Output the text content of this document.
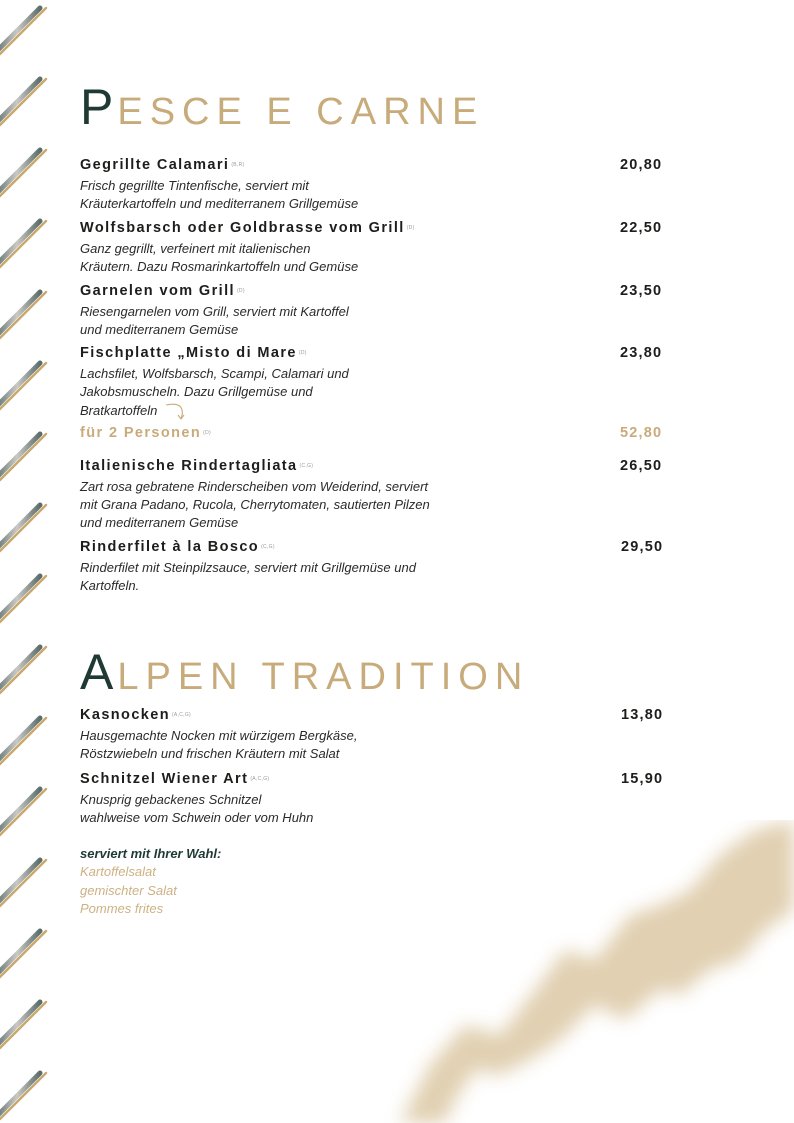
PESCE E CARNE
Gegrillte Calamari $^{(B,R)}$	20,80
Frisch gegrillte Tintenfische, serviert mit
Kräuterkartoffeln und mediterranem Grillgemüse
Wolfsbarsch oder Goldbrasse vom Grill $^{(D)}$	22,50
Ganz gegrillt, verfeinert mit italienischen
Kräutern. Dazu Rosmarinkartoffeln und Gemüse
Garnelen vom Grill $^{(D)}$	23,50
Riesengarnelen vom Grill, serviert mit Kartoffel
und mediterranem Gemüse
Fischplatte „Misto di Mare $^{(D)}$	23,80
Lachsfilet, Wolfsbarsch, Scampi, Calamari und
Jakobsmuscheln. Dazu Grillgemüse und
Bratkartoffeln
für 2 Personen $^{(D)}$	52,80
Italienische Rindertagliata $^{(C,G)}$	26,50
Zart rosa gebratene Rinderscheiben vom Weiderind, serviert
mit Grana Padano, Rucola, Cherrytomaten, sautierten Pilzen
und mediterranem Gemüse
Rinderfilet à la Bosco $^{(C,G)}$	29,50
Rinderfilet mit Steinpilzsauce, serviert mit Grillgemüse und
Kartoffeln.
ALPEN TRADITION
Kasnocken $^{(A,C,G)}$	13,80
Hausgemachte Nocken mit würzigem Bergkäse,
Röstzwiebeln und frischen Kräutern mit Salat
Schnitzel Wiener Art $^{(A,C,G)}$	15,90
Knusprig gebackenes Schnitzel
wahlweise vom Schwein oder vom Huhn
serviert mit Ihrer Wahl:
Kartoffelsalat
gemischter Salat
Pommes frites
